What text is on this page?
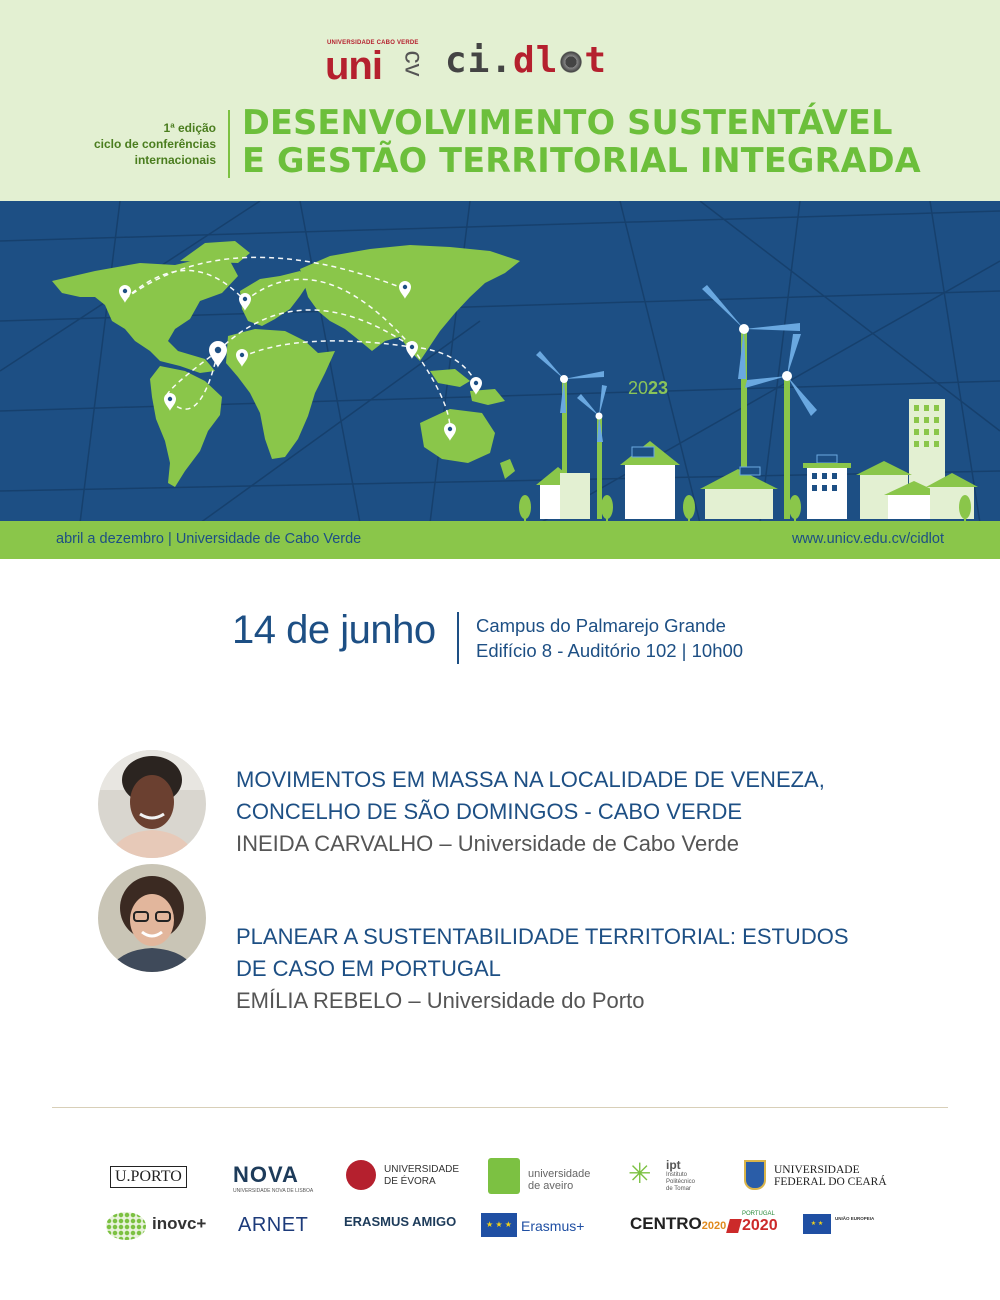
UNIVERSIDADE CABO VERDE
uni cv ci.dl t
1ª edição
ciclo de conferências
internacionais
DESENVOLVIMENTO SUSTENTÁVEL
E GESTÃO TERRITORIAL INTEGRADA
2023
abril a dezembro | Universidade de Cabo Verde	www.unicv.edu.cv/cidlot
14 de junho Campus do Palmarejo Grande
Edifício 8 - Auditório 102 | 10h00
MOVIMENTOS EM MASSA NA LOCALIDADE DE VENEZA, CONCELHO DE SÃO DOMINGOS - CABO VERDE
INEIDA CARVALHO – Universidade de Cabo Verde
PLANEAR A SUSTENTABILIDADE TERRITORIAL: ESTUDOS DE CASO EM PORTUGAL
EMÍLIA REBELO – Universidade do Porto
U.PORTO NOVA
UNIVERSIDADE NOVA DE LISBOA
UNIVERSIDADE
DE ÉVORA
universidade
de aveiro	✳ ipt
Instituto
Politécnico
de Tomar
UNIVERSIDADE
FEDERAL DO CEARÁ
inovc+ ARNET	ERASMUS AMIGO	★ ★ ★ Erasmus+	CENTRO2020
PORTUGAL
2020	★ ★
UNIÃO EUROPEIA
